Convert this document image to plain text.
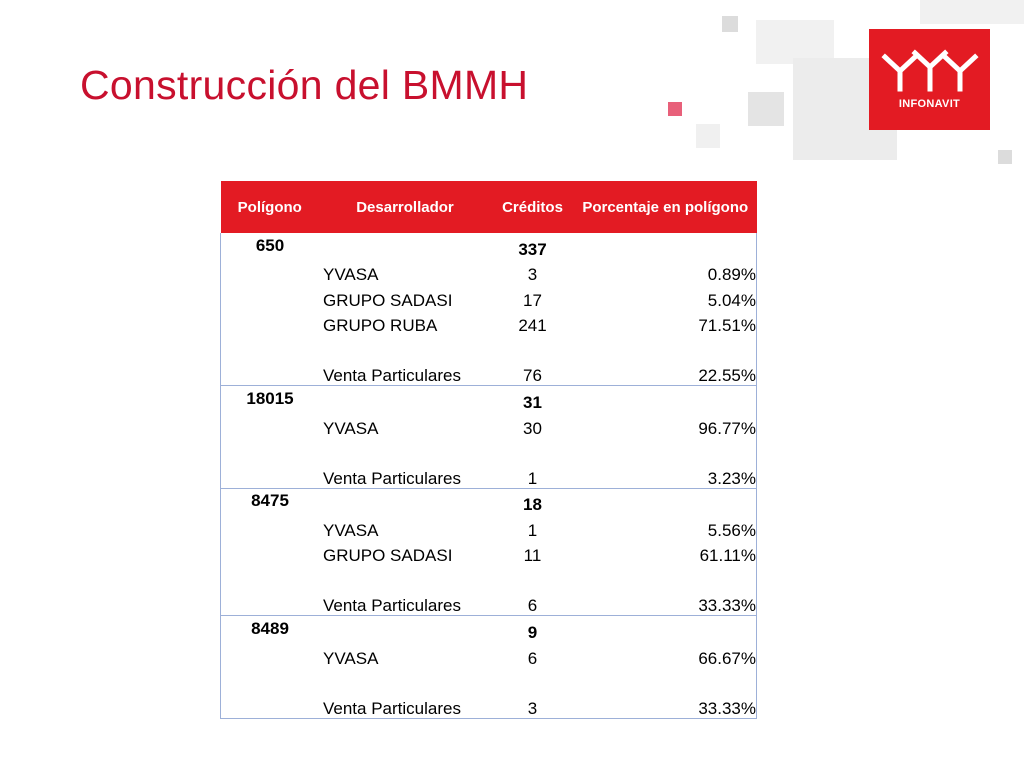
Construcción del BMMH	INFONAVIT
Polígono	Desarrollador	Créditos	Porcentaje en polígono
650		337	
	YVASA	3	0.89%
	GRUPO SADASI	17	5.04%
	GRUPO RUBA	241	71.51%
	Venta Particulares	76	22.55%
18015		31	
	YVASA	30	96.77%
	Venta Particulares	1	3.23%
8475		18	
	YVASA	1	5.56%
	GRUPO SADASI	11	61.11%
	Venta Particulares	6	33.33%
8489		9	
	YVASA	6	66.67%
	Venta Particulares	3	33.33%
